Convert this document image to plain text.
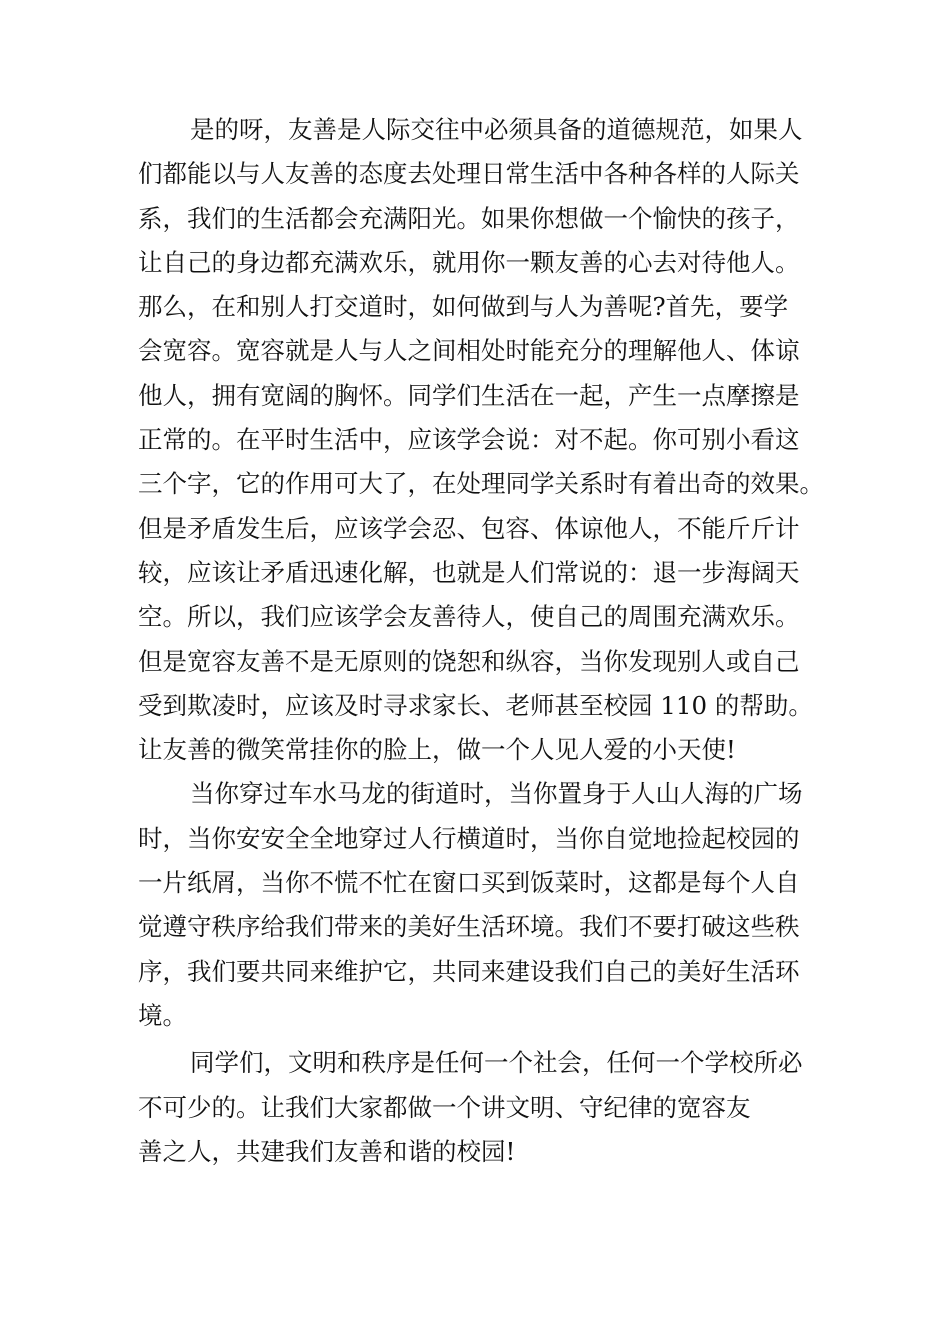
是的呀，友善是人际交往中必须具备的道德规范，如果人
们都能以与人友善的态度去处理日常生活中各种各样的人际关
系，我们的生活都会充满阳光。如果你想做一个愉快的孩子，
让自己的身边都充满欢乐，就用你一颗友善的心去对待他人。
那么，在和别人打交道时，如何做到与人为善呢?首先，要学
会宽容。宽容就是人与人之间相处时能充分的理解他人、体谅
他人，拥有宽阔的胸怀。同学们生活在一起，产生一点摩擦是
正常的。在平时生活中，应该学会说：对不起。你可别小看这
三个字，它的作用可大了，在处理同学关系时有着出奇的效果。
但是矛盾发生后，应该学会忍、包容、体谅他人，不能斤斤计
较，应该让矛盾迅速化解，也就是人们常说的：退一步海阔天
空。所以，我们应该学会友善待人，使自己的周围充满欢乐。
但是宽容友善不是无原则的饶恕和纵容，当你发现别人或自己
受到欺凌时，应该及时寻求家长、老师甚至校园 110 的帮助。
让友善的微笑常挂你的脸上，做一个人见人爱的小天使!
当你穿过车水马龙的街道时，当你置身于人山人海的广场
时，当你安安全全地穿过人行横道时，当你自觉地捡起校园的
一片纸屑，当你不慌不忙在窗口买到饭菜时，这都是每个人自
觉遵守秩序给我们带来的美好生活环境。我们不要打破这些秩
序，我们要共同来维护它，共同来建设我们自己的美好生活环
境。
同学们，文明和秩序是任何一个社会，任何一个学校所必
不可少的。让我们大家都做一个讲文明、守纪律的宽容友
善之人，共建我们友善和谐的校园!
